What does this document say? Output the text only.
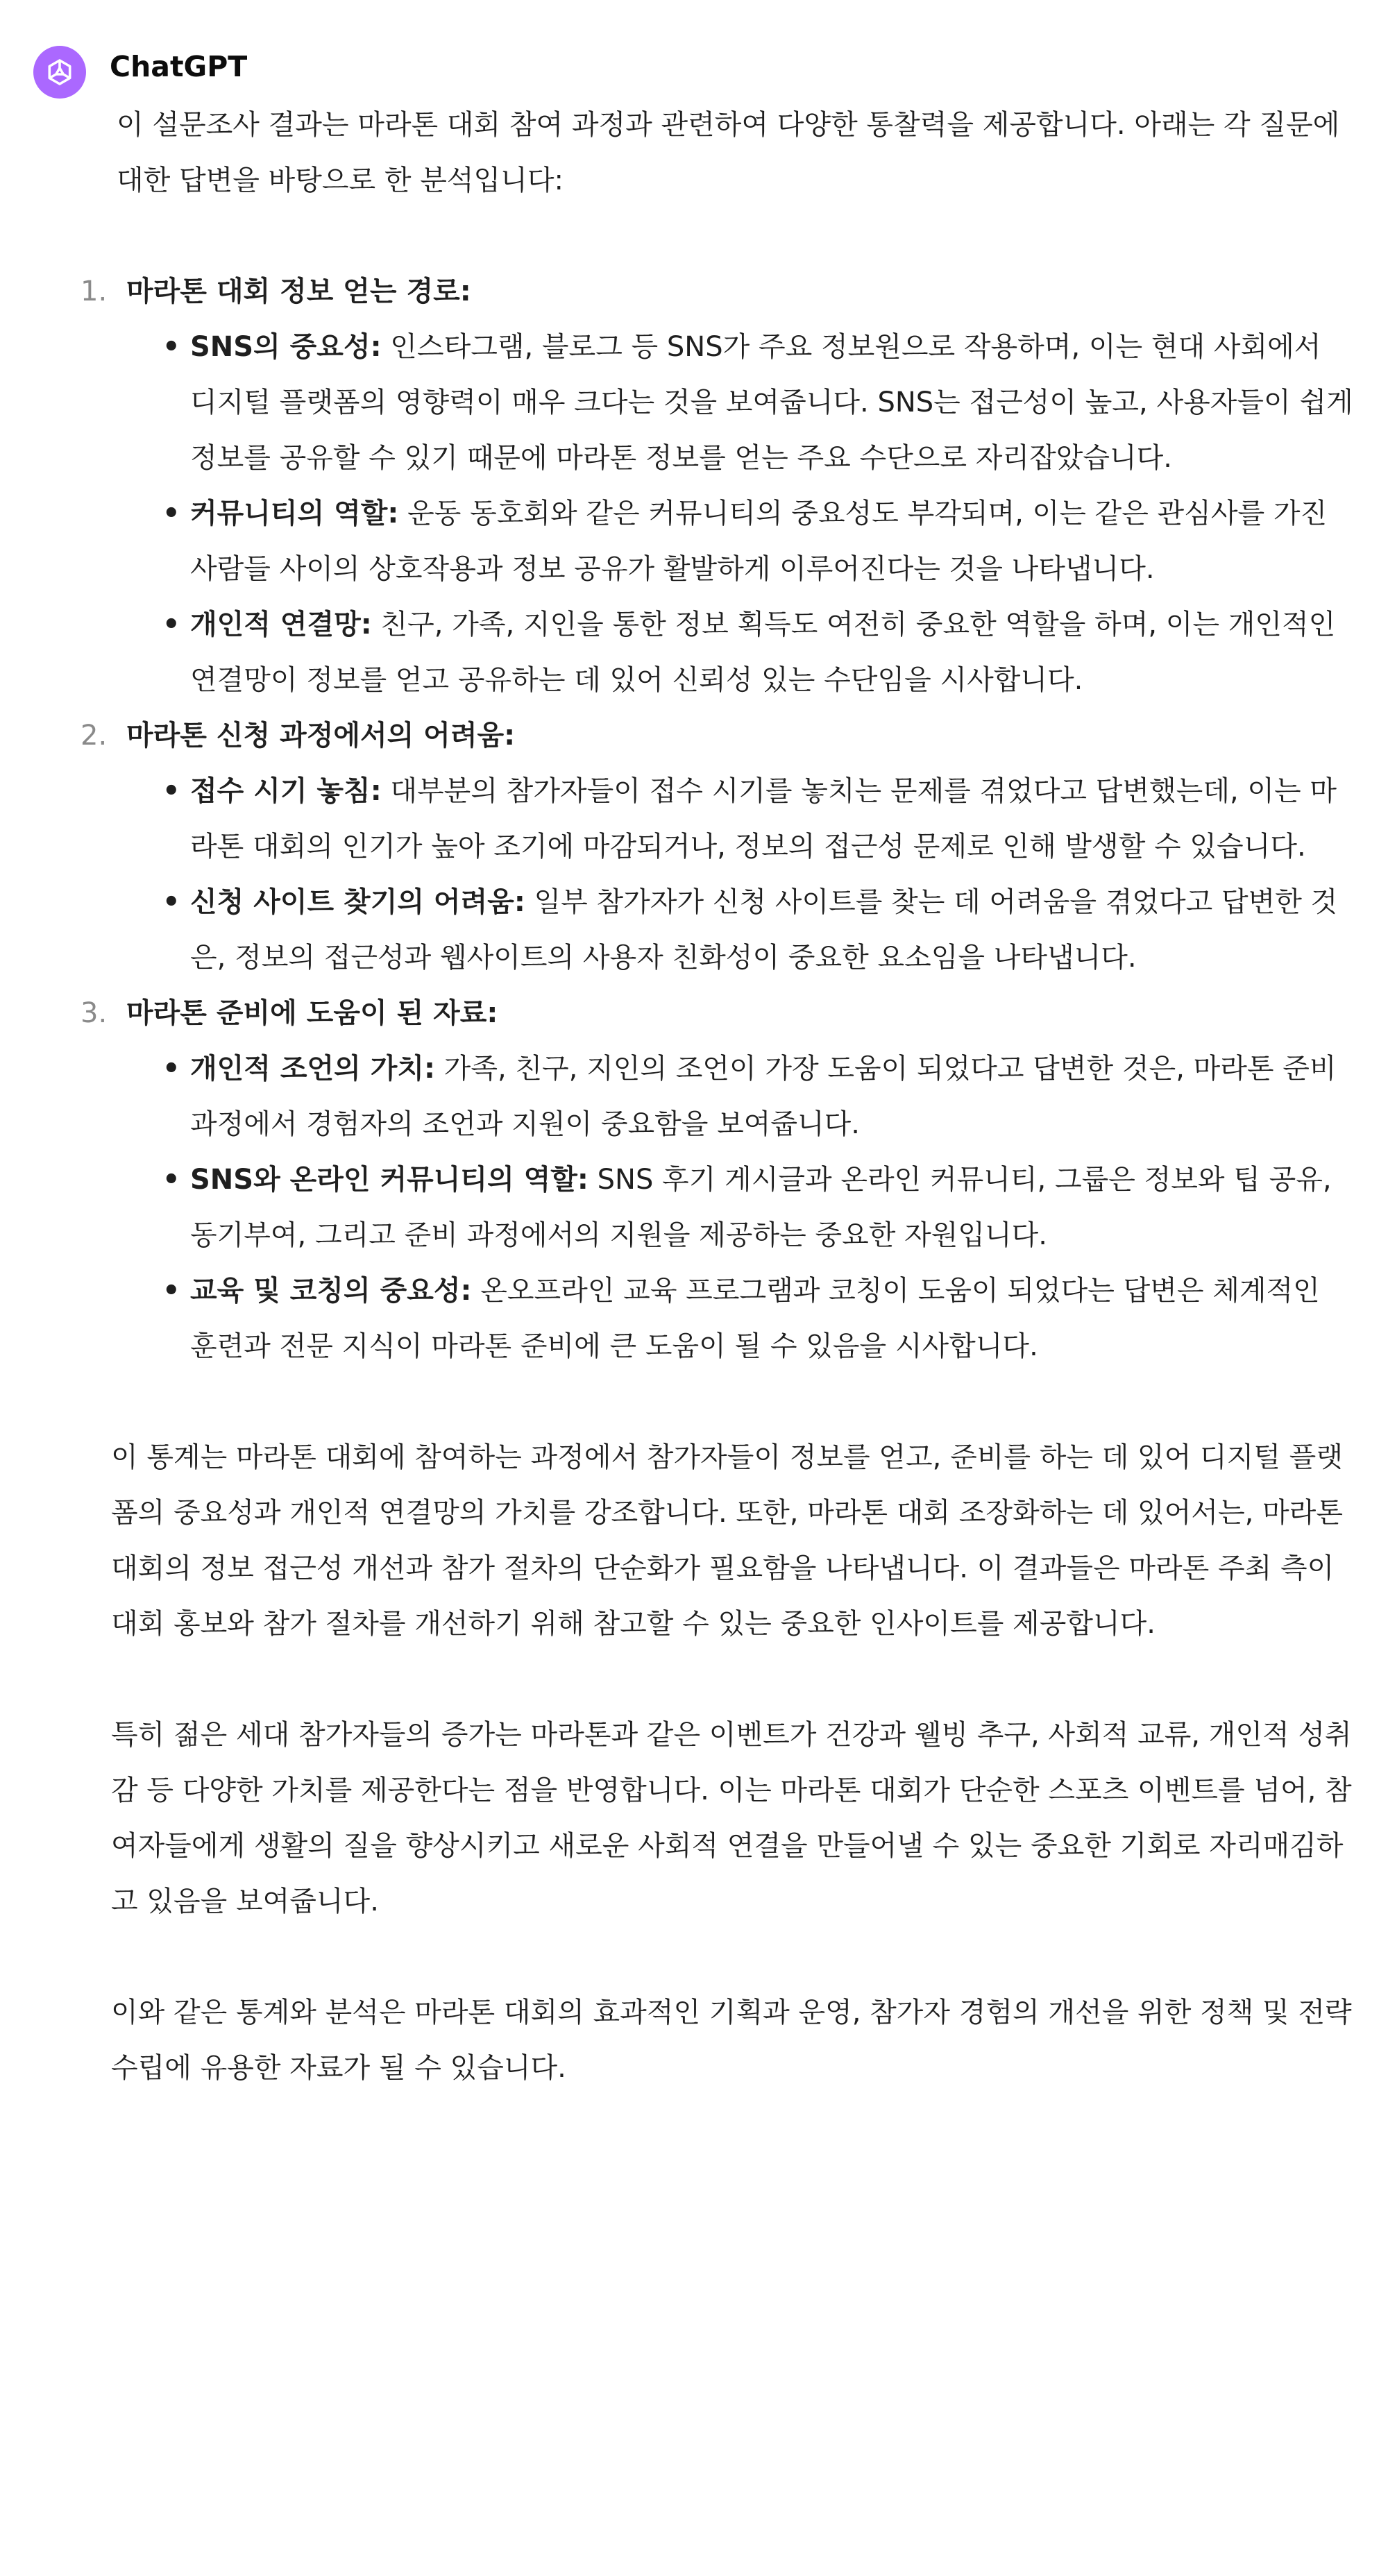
ChatGPT

이 설문조사 결과는 마라톤 대회 참여 과정과 관련하여 다양한 통찰력을 제공합니다. 아래는 각 질문에 대한 답변을 바탕으로 한 분석입니다:

1. 마라톤 대회 정보 얻는 경로:
• SNS의 중요성: 인스타그램, 블로그 등 SNS가 주요 정보원으로 작용하며, 이는 현대 사회에서 디지털 플랫폼의 영향력이 매우 크다는 것을 보여줍니다. SNS는 접근성이 높고, 사용자들이 쉽게 정보를 공유할 수 있기 때문에 마라톤 정보를 얻는 주요 수단으로 자리잡았습니다.
• 커뮤니티의 역할: 운동 동호회와 같은 커뮤니티의 중요성도 부각되며, 이는 같은 관심사를 가진 사람들 사이의 상호작용과 정보 공유가 활발하게 이루어진다는 것을 나타냅니다.
• 개인적 연결망: 친구, 가족, 지인을 통한 정보 획득도 여전히 중요한 역할을 하며, 이는 개인적인 연결망이 정보를 얻고 공유하는 데 있어 신뢰성 있는 수단임을 시사합니다.
2. 마라톤 신청 과정에서의 어려움:
• 접수 시기 놓침: 대부분의 참가자들이 접수 시기를 놓치는 문제를 겪었다고 답변했는데, 이는 마라톤 대회의 인기가 높아 조기에 마감되거나, 정보의 접근성 문제로 인해 발생할 수 있습니다.
• 신청 사이트 찾기의 어려움: 일부 참가자가 신청 사이트를 찾는 데 어려움을 겪었다고 답변한 것은, 정보의 접근성과 웹사이트의 사용자 친화성이 중요한 요소임을 나타냅니다.
3. 마라톤 준비에 도움이 된 자료:
• 개인적 조언의 가치: 가족, 친구, 지인의 조언이 가장 도움이 되었다고 답변한 것은, 마라톤 준비 과정에서 경험자의 조언과 지원이 중요함을 보여줍니다.
• SNS와 온라인 커뮤니티의 역할: SNS 후기 게시글과 온라인 커뮤니티, 그룹은 정보와 팁 공유, 동기부여, 그리고 준비 과정에서의 지원을 제공하는 중요한 자원입니다.
• 교육 및 코칭의 중요성: 온오프라인 교육 프로그램과 코칭이 도움이 되었다는 답변은 체계적인 훈련과 전문 지식이 마라톤 준비에 큰 도움이 될 수 있음을 시사합니다.

이 통계는 마라톤 대회에 참여하는 과정에서 참가자들이 정보를 얻고, 준비를 하는 데 있어 디지털 플랫폼의 중요성과 개인적 연결망의 가치를 강조합니다. 또한, 마라톤 대회 조장화하는 데 있어서는, 마라톤 대회의 정보 접근성 개선과 참가 절차의 단순화가 필요함을 나타냅니다. 이 결과들은 마라톤 주최 측이 대회 홍보와 참가 절차를 개선하기 위해 참고할 수 있는 중요한 인사이트를 제공합니다.

특히 젊은 세대 참가자들의 증가는 마라톤과 같은 이벤트가 건강과 웰빙 추구, 사회적 교류, 개인적 성취감 등 다양한 가치를 제공한다는 점을 반영합니다. 이는 마라톤 대회가 단순한 스포츠 이벤트를 넘어, 참여자들에게 생활의 질을 향상시키고 새로운 사회적 연결을 만들어낼 수 있는 중요한 기회로 자리매김하고 있음을 보여줍니다.

이와 같은 통계와 분석은 마라톤 대회의 효과적인 기획과 운영, 참가자 경험의 개선을 위한 정책 및 전략 수립에 유용한 자료가 될 수 있습니다.
